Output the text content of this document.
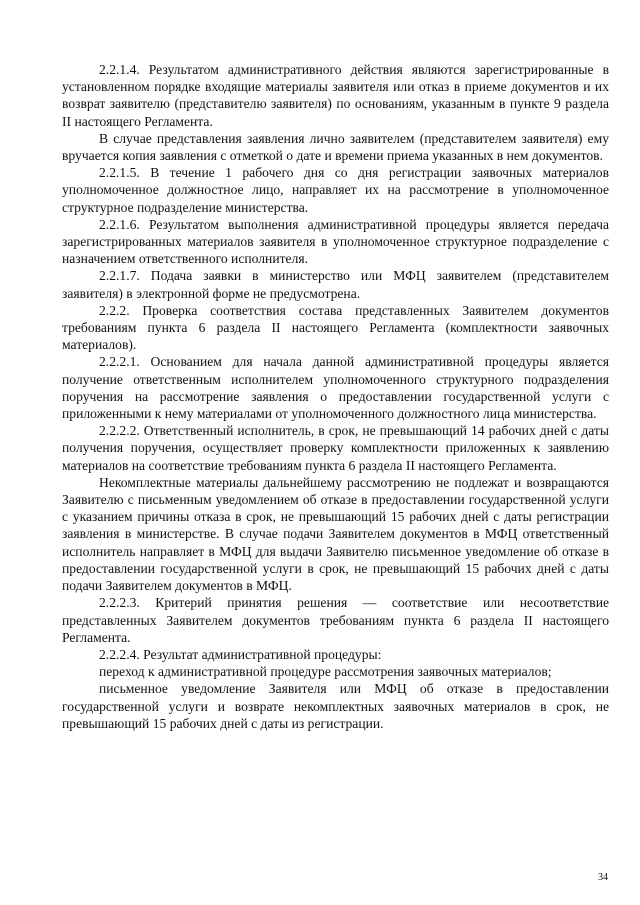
2.2.1.4. Результатом административного действия являются зарегистрированные в установленном порядке входящие материалы заявителя или отказ в приеме документов и их возврат заявителю (представителю заявителя) по основаниям, указанным в пункте 9 раздела II настоящего Регламента.

В случае представления заявления лично заявителем (представителем заявителя) ему вручается копия заявления с отметкой о дате и времени приема указанных в нем документов.

2.2.1.5. В течение 1 рабочего дня со дня регистрации заявочных материалов уполномоченное должностное лицо, направляет их на рассмотрение в уполномоченное структурное подразделение министерства.

2.2.1.6. Результатом выполнения административной процедуры является передача зарегистрированных материалов заявителя в уполномоченное структурное подразделение с назначением ответственного исполнителя.

2.2.1.7. Подача заявки в министерство или МФЦ заявителем (представителем заявителя) в электронной форме не предусмотрена.

2.2.2. Проверка соответствия состава представленных Заявителем документов требованиям пункта 6 раздела II настоящего Регламента (комплектности заявочных материалов).

2.2.2.1. Основанием для начала данной административной процедуры является получение ответственным исполнителем уполномоченного структурного подразделения поручения на рассмотрение заявления о предоставлении государственной услуги с приложенными к нему материалами от уполномоченного должностного лица министерства.

2.2.2.2. Ответственный исполнитель, в срок, не превышающий 14 рабочих дней с даты получения поручения, осуществляет проверку комплектности приложенных к заявлению материалов на соответствие требованиям пункта 6 раздела II настоящего Регламента.

Некомплектные материалы дальнейшему рассмотрению не подлежат и возвращаются Заявителю с письменным уведомлением об отказе в предоставлении государственной услуги с указанием причины отказа в срок, не превышающий 15 рабочих дней с даты регистрации заявления в министерстве. В случае подачи Заявителем документов в МФЦ ответственный исполнитель направляет в МФЦ для выдачи Заявителю письменное уведомление об отказе в предоставлении государственной услуги в срок, не превышающий 15 рабочих дней с даты подачи Заявителем документов в МФЦ.

2.2.2.3. Критерий принятия решения — соответствие или несоответствие представленных Заявителем документов требованиям пункта 6 раздела II настоящего Регламента.

2.2.2.4. Результат административной процедуры:

переход к административной процедуре рассмотрения заявочных материалов;

письменное уведомление Заявителя или МФЦ об отказе в предоставлении государственной услуги и возврате некомплектных заявочных материалов в срок, не превышающий 15 рабочих дней с даты из регистрации.

34
